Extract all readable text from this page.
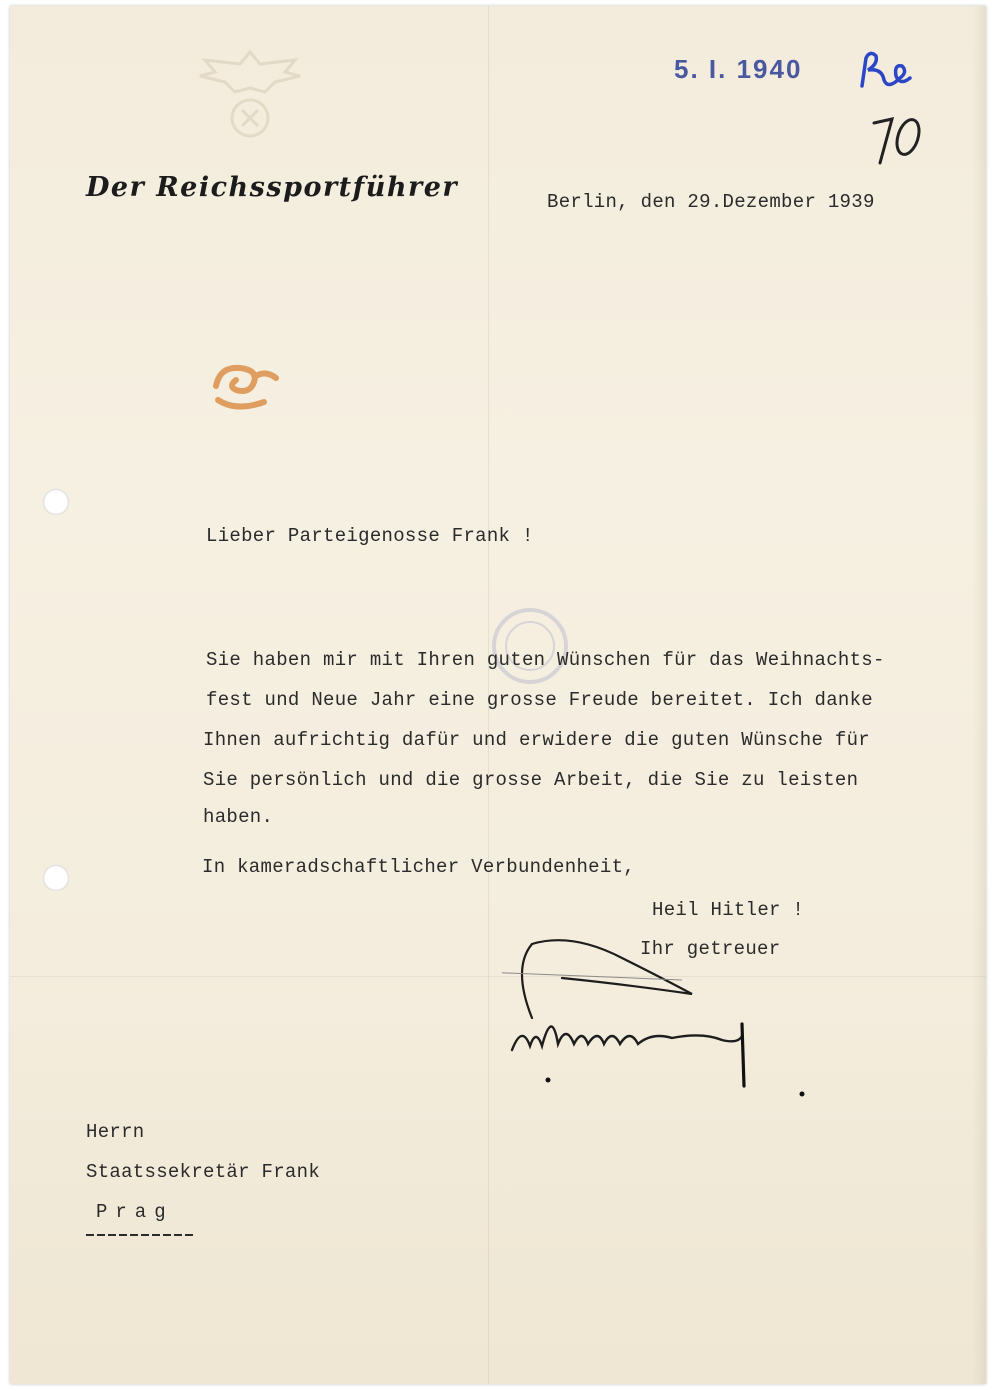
5. I. 1940
Der Reichssportführer	Berlin, den 29.Dezember 1939
Lieber Parteigenosse Frank !
Sie haben mir mit Ihren guten Wünschen für das Weihnachts-
fest und Neue Jahr eine grosse Freude bereitet. Ich danke
Ihnen aufrichtig dafür und erwidere die guten Wünsche für
Sie persönlich und die grosse Arbeit, die Sie zu leisten
haben.
In kameradschaftlicher Verbundenheit,
Heil Hitler !
Ihr getreuer
Herrn
Staatssekretär Frank
Prag
